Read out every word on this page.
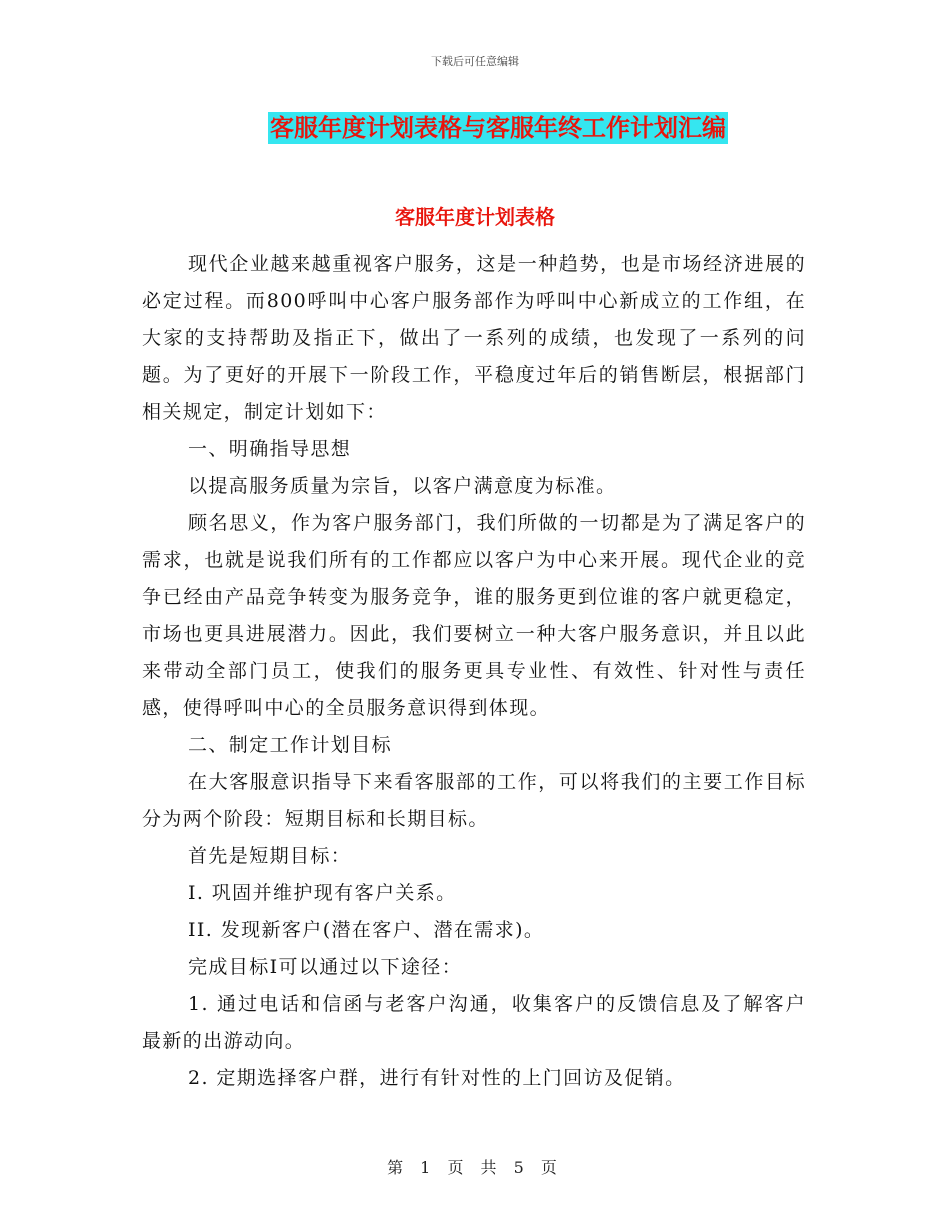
下载后可任意编辑
客服年度计划表格与客服年终工作计划汇编
客服年度计划表格

现代企业越来越重视客户服务，这是一种趋势，也是市场经济进展的必定过程。而800呼叫中心客户服务部作为呼叫中心新成立的工作组，在大家的支持帮助及指正下，做出了一系列的成绩，也发现了一系列的问题。为了更好的开展下一阶段工作，平稳度过年后的销售断层，根据部门相关规定，制定计划如下：

一、明确指导思想

以提高服务质量为宗旨，以客户满意度为标准。

顾名思义，作为客户服务部门，我们所做的一切都是为了满足客户的需求，也就是说我们所有的工作都应以客户为中心来开展。现代企业的竞争已经由产品竞争转变为服务竞争，谁的服务更到位谁的客户就更稳定，市场也更具进展潜力。因此，我们要树立一种大客户服务意识，并且以此来带动全部门员工，使我们的服务更具专业性、有效性、针对性与责任感，使得呼叫中心的全员服务意识得到体现。

二、制定工作计划目标

在大客服意识指导下来看客服部的工作，可以将我们的主要工作目标分为两个阶段：短期目标和长期目标。

首先是短期目标：

I. 巩固并维护现有客户关系。

II. 发现新客户(潜在客户、潜在需求)。

完成目标I可以通过以下途径：

1. 通过电话和信函与老客户沟通，收集客户的反馈信息及了解客户最新的出游动向。

2. 定期选择客户群，进行有针对性的上门回访及促销。

第 1 页 共 5 页
